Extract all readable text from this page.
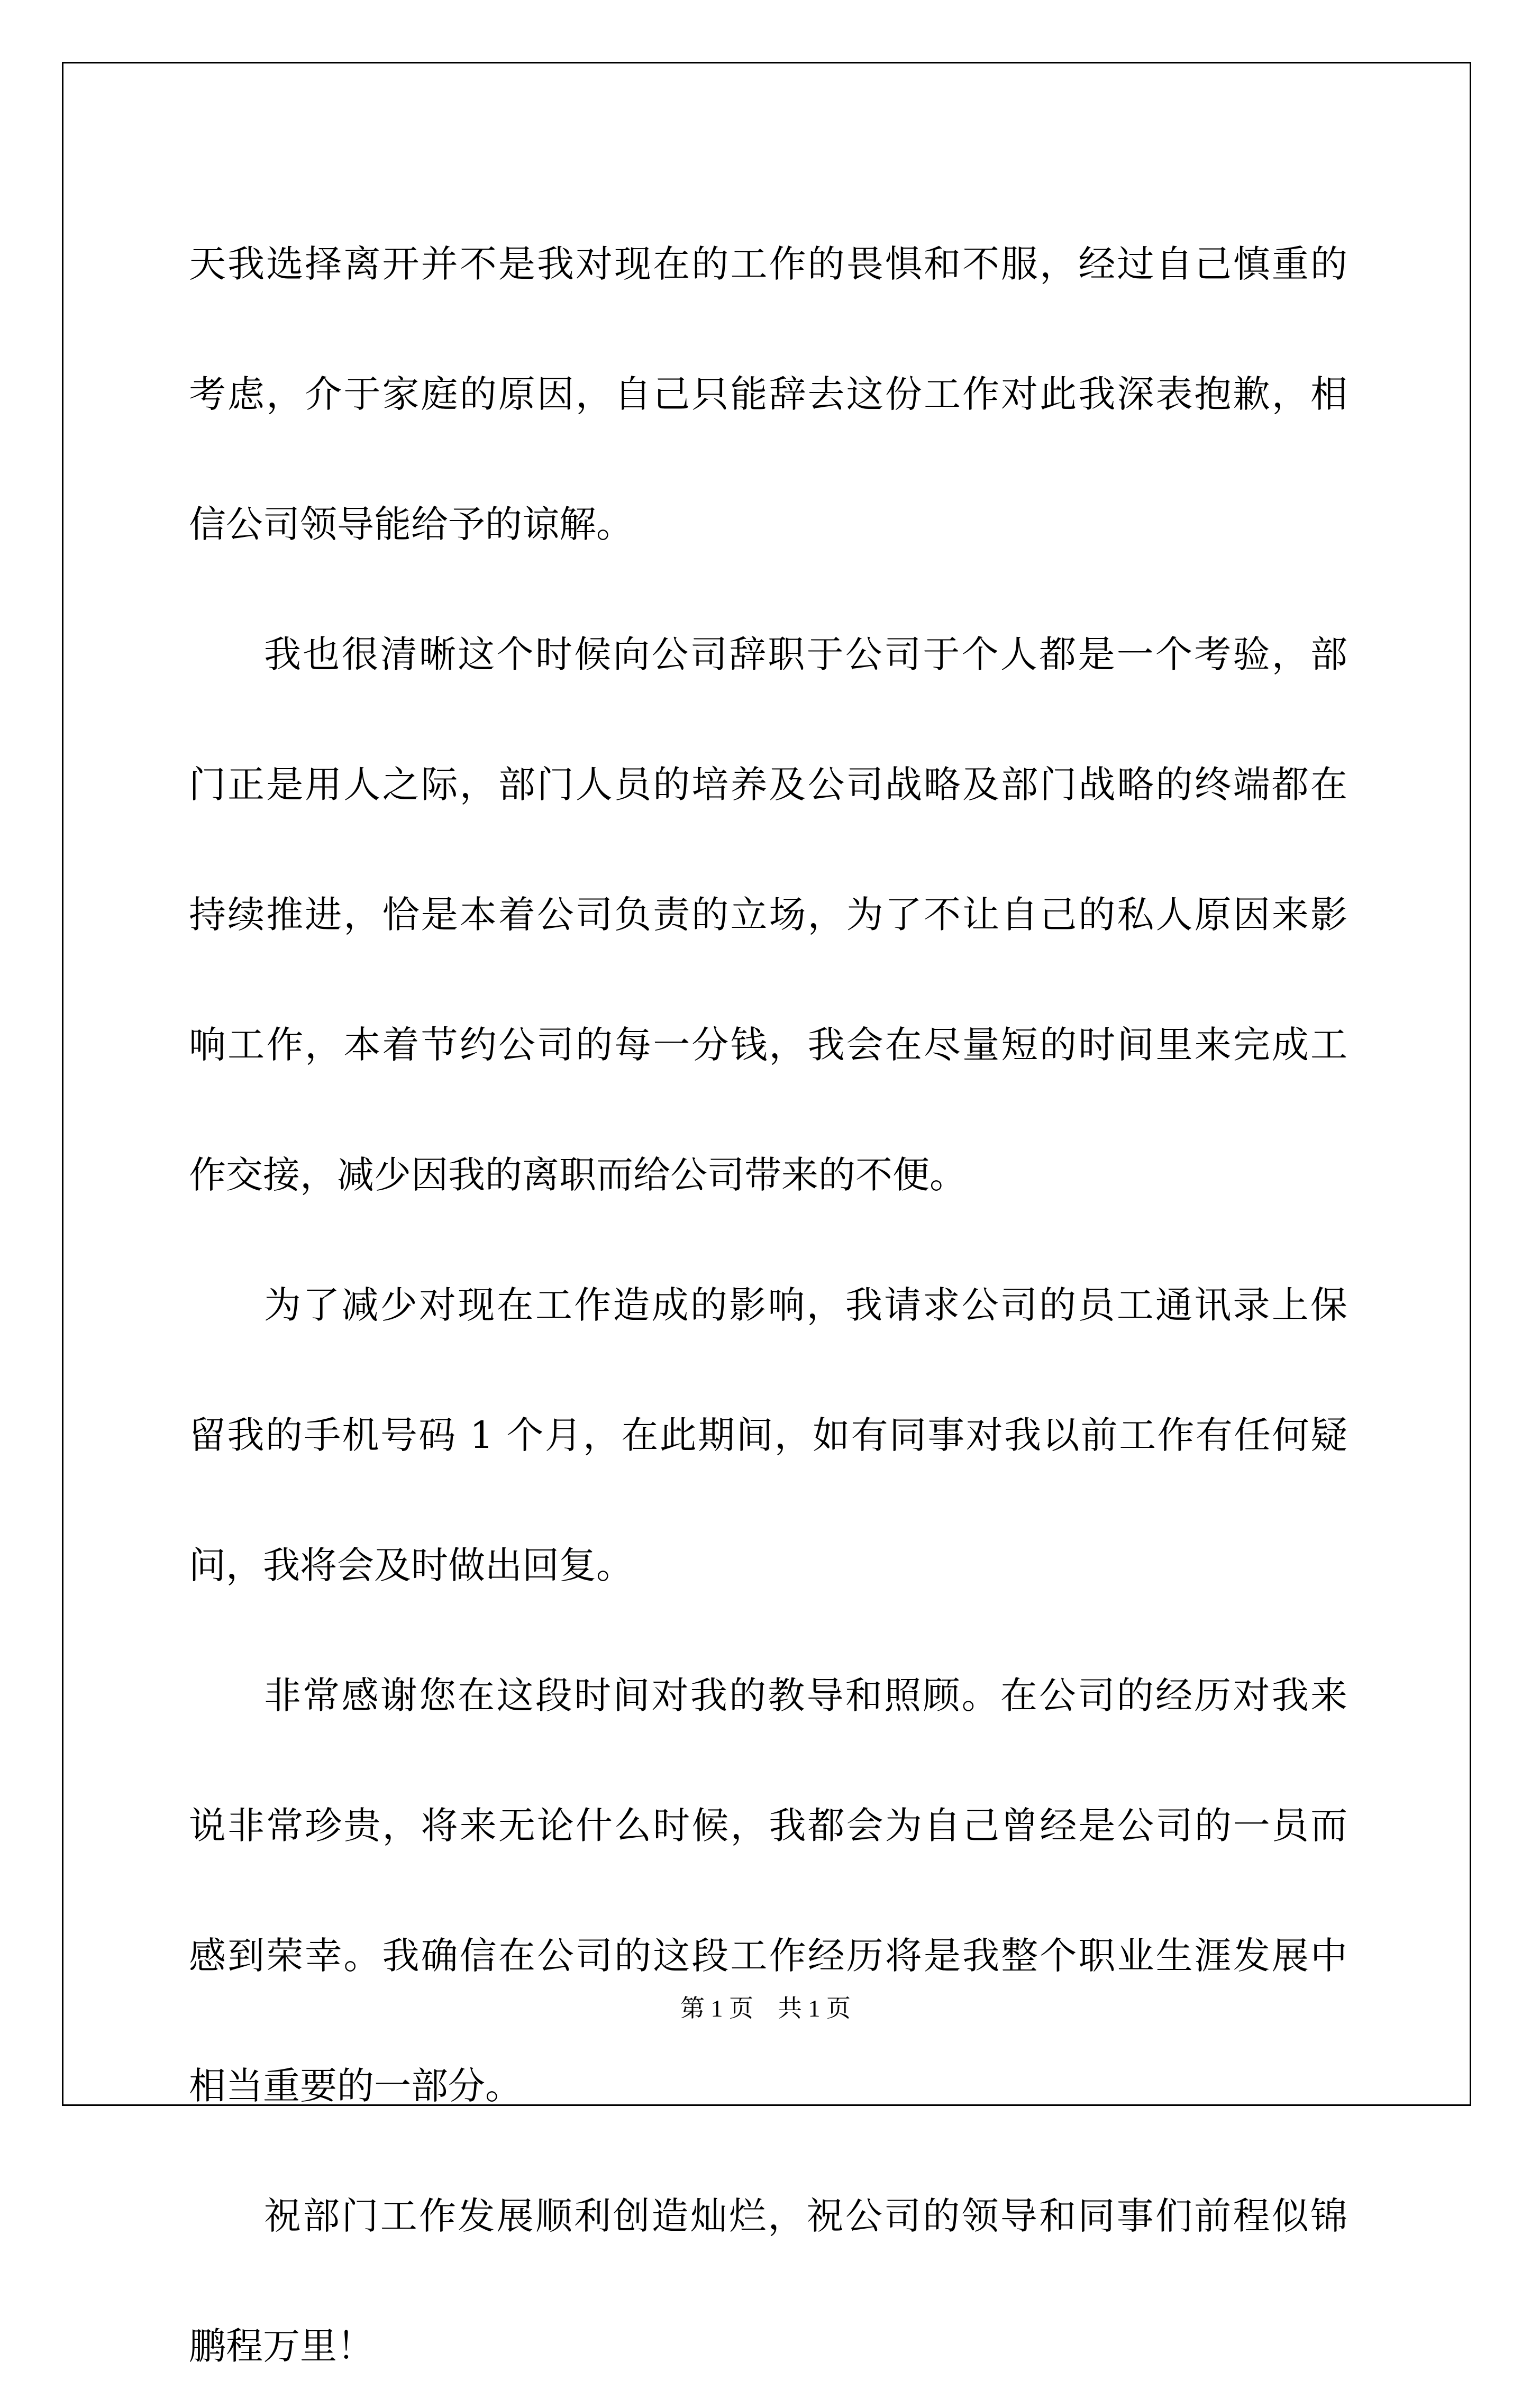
天我选择离开并不是我对现在的工作的畏惧和不服，经过自己慎重的
考虑，介于家庭的原因，自己只能辞去这份工作对此我深表抱歉，相
信公司领导能给予的谅解。
我也很清晰这个时候向公司辞职于公司于个人都是一个考验，部
门正是用人之际，部门人员的培养及公司战略及部门战略的终端都在
持续推进，恰是本着公司负责的立场，为了不让自己的私人原因来影
响工作，本着节约公司的每一分钱，我会在尽量短的时间里来完成工
作交接，减少因我的离职而给公司带来的不便。
为了减少对现在工作造成的影响，我请求公司的员工通讯录上保
留我的手机号码 1 个月，在此期间，如有同事对我以前工作有任何疑
问，我将会及时做出回复。
非常感谢您在这段时间对我的教导和照顾。在公司的经历对我来
说非常珍贵，将来无论什么时候，我都会为自己曾经是公司的一员而
感到荣幸。我确信在公司的这段工作经历将是我整个职业生涯发展中
相当重要的一部分。
祝部门工作发展顺利创造灿烂，祝公司的领导和同事们前程似锦
鹏程万里！
第 1 页　共 1 页
